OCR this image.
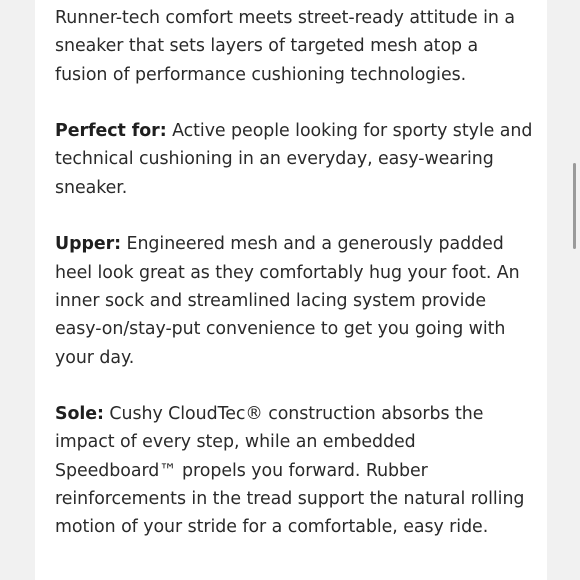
Runner-tech comfort meets street-ready attitude in a sneaker that sets layers of targeted mesh atop a fusion of performance cushioning technologies.

Perfect for: Active people looking for sporty style and technical cushioning in an everyday, easy-wearing sneaker.

Upper: Engineered mesh and a generously padded heel look great as they comfortably hug your foot. An inner sock and streamlined lacing system provide easy-on/stay-put convenience to get you going with your day.

Sole: Cushy CloudTec® construction absorbs the impact of every step, while an embedded Speedboard™ propels you forward. Rubber reinforcements in the tread support the natural rolling motion of your stride for a comfortable, easy ride.
